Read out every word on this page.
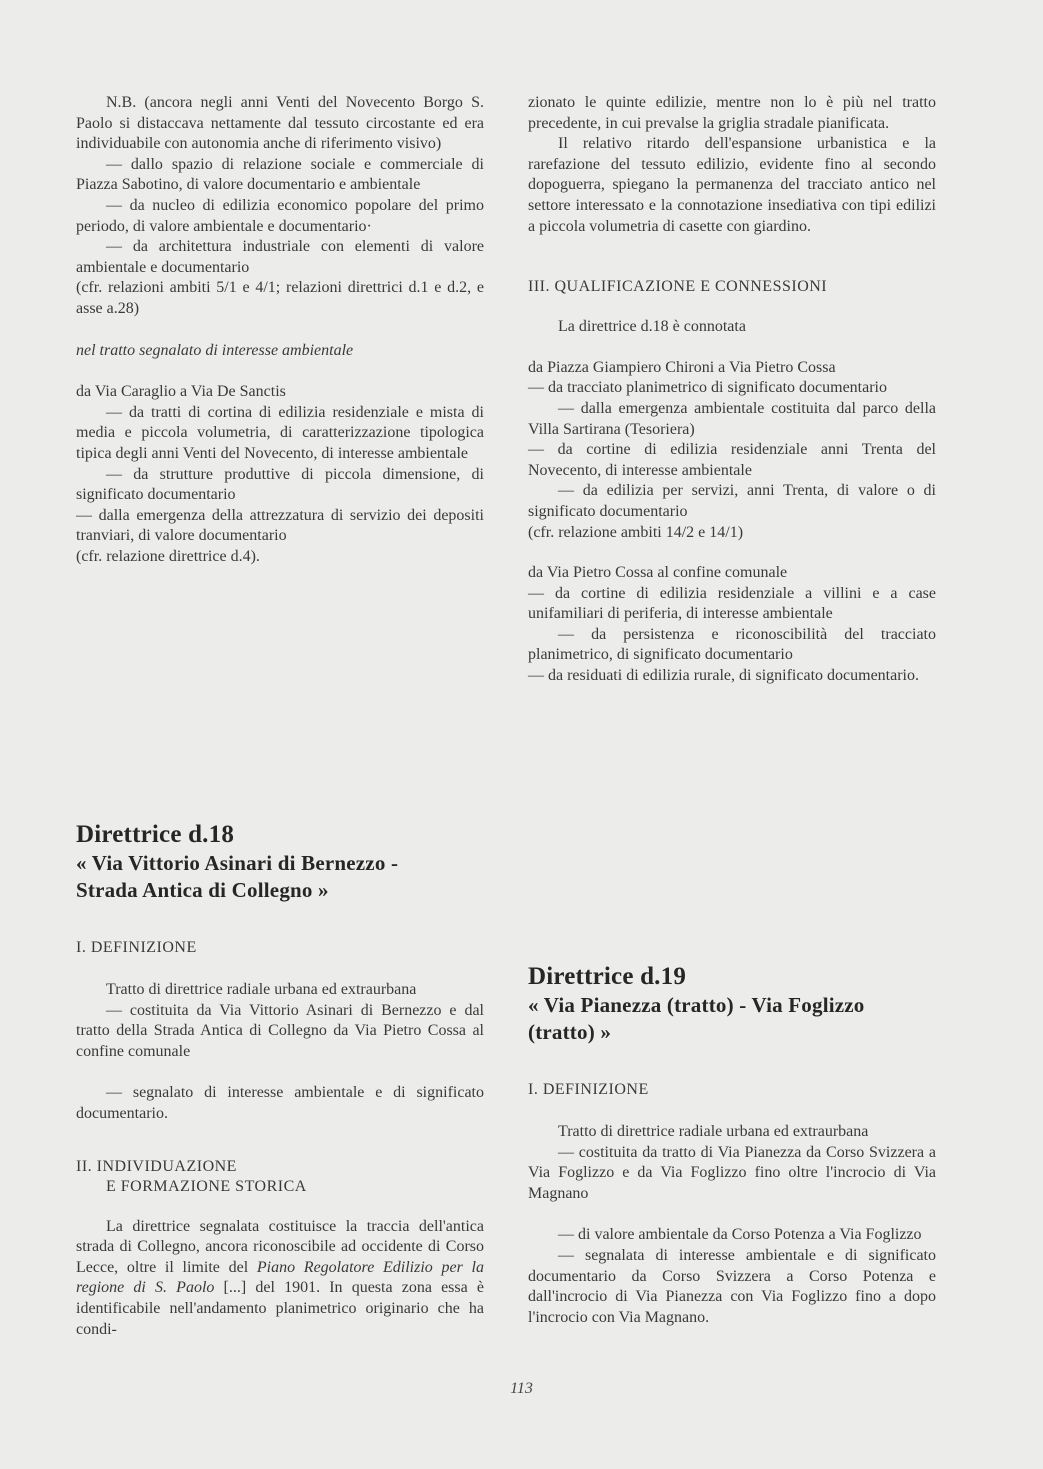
N.B. (ancora negli anni Venti del Novecento Borgo S. Paolo si distaccava nettamente dal tessuto circostante ed era individuabile con autonomia anche di riferimento visivo)

— dallo spazio di relazione sociale e commerciale di Piazza Sabotino, di valore documentario e ambientale

— da nucleo di edilizia economico popolare del primo periodo, di valore ambientale e documentario·

— da architettura industriale con elementi di valore ambientale e documentario

(cfr. relazioni ambiti 5/1 e 4/1; relazioni direttrici d.1 e d.2, e asse a.28)

nel tratto segnalato di interesse ambientale

da Via Caraglio a Via De Sanctis

— da tratti di cortina di edilizia residenziale e mista di media e piccola volumetria, di caratterizzazione tipologica tipica degli anni Venti del Novecento, di interesse ambientale

— da strutture produttive di piccola dimensione, di significato documentario

— dalla emergenza della attrezzatura di servizio dei depositi tranviari, di valore documentario

(cfr. relazione direttrice d.4).

Direttrice d.18
« Via Vittorio Asinari di Bernezzo -
Strada Antica di Collegno »
I. DEFINIZIONE

Tratto di direttrice radiale urbana ed extraurbana

— costituita da Via Vittorio Asinari di Bernezzo e dal tratto della Strada Antica di Collegno da Via Pietro Cossa al confine comunale

— segnalato di interesse ambientale e di significato documentario.

II. INDIVIDUAZIONE
E FORMAZIONE STORICA

La direttrice segnalata costituisce la traccia dell'antica strada di Collegno, ancora riconoscibile ad occidente di Corso Lecce, oltre il limite del Piano Regolatore Edilizio per la regione di S. Paolo [...] del 1901. In questa zona essa è identificabile nell'andamento planimetrico originario che ha condi-

zionato le quinte edilizie, mentre non lo è più nel tratto precedente, in cui prevalse la griglia stradale pianificata.

Il relativo ritardo dell'espansione urbanistica e la rarefazione del tessuto edilizio, evidente fino al secondo dopoguerra, spiegano la permanenza del tracciato antico nel settore interessato e la connotazione insediativa con tipi edilizi a piccola volumetria di casette con giardino.

III. QUALIFICAZIONE E CONNESSIONI

La direttrice d.18 è connotata

da Piazza Giampiero Chironi a Via Pietro Cossa

— da tracciato planimetrico di significato documentario

— dalla emergenza ambientale costituita dal parco della Villa Sartirana (Tesoriera)

— da cortine di edilizia residenziale anni Trenta del Novecento, di interesse ambientale

— da edilizia per servizi, anni Trenta, di valore o di significato documentario

(cfr. relazione ambiti 14/2 e 14/1)

da Via Pietro Cossa al confine comunale

— da cortine di edilizia residenziale a villini e a case unifamiliari di periferia, di interesse ambientale

— da persistenza e riconoscibilità del tracciato planimetrico, di significato documentario

— da residuati di edilizia rurale, di significato documentario.

Direttrice d.19
« Via Pianezza (tratto) - Via Foglizzo
(tratto) »
I. DEFINIZIONE

Tratto di direttrice radiale urbana ed extraurbana

— costituita da tratto di Via Pianezza da Corso Svizzera a Via Foglizzo e da Via Foglizzo fino oltre l'incrocio di Via Magnano

— di valore ambientale da Corso Potenza a Via Foglizzo

— segnalata di interesse ambientale e di significato documentario da Corso Svizzera a Corso Potenza e dall'incrocio di Via Pianezza con Via Foglizzo fino a dopo l'incrocio con Via Magnano.

113
